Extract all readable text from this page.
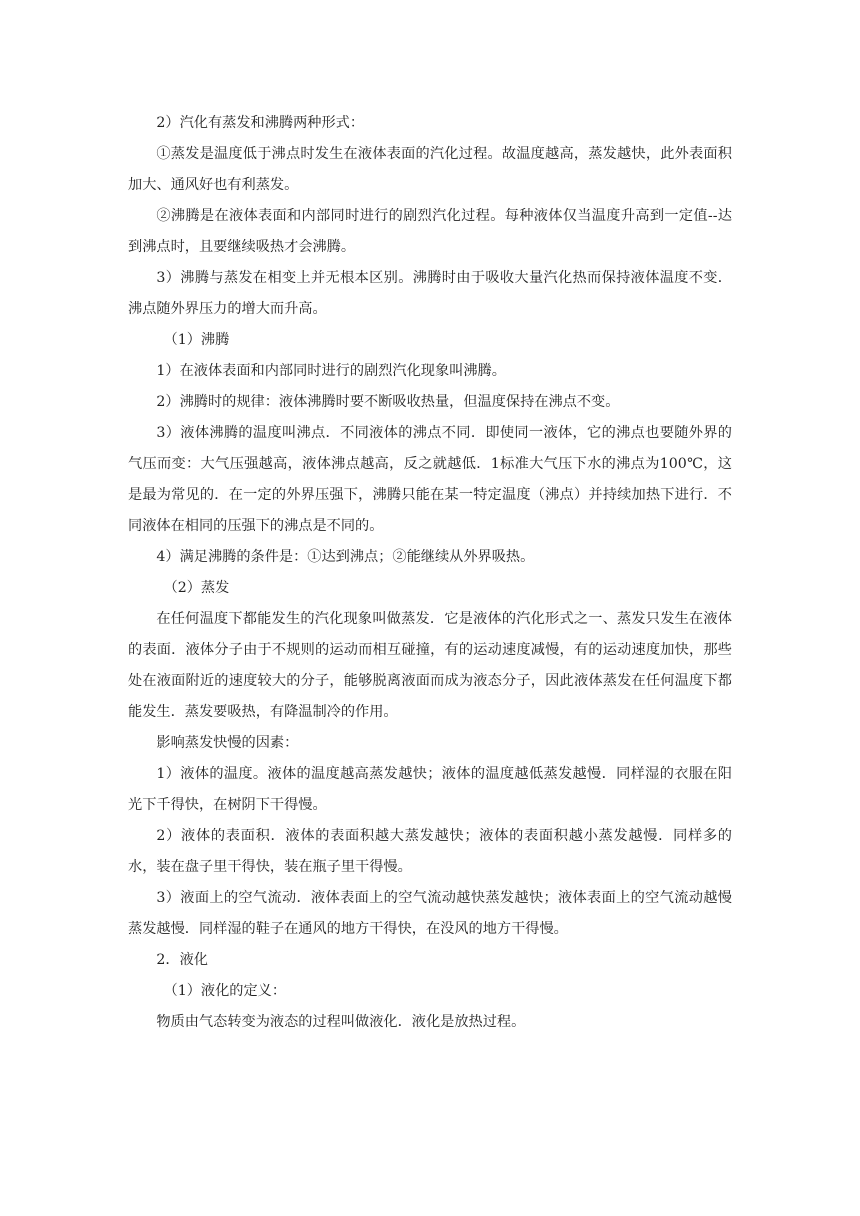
2）汽化有蒸发和沸腾两种形式：

①蒸发是温度低于沸点时发生在液体表面的汽化过程。故温度越高，蒸发越快，此外表面积加大、通风好也有利蒸发。

②沸腾是在液体表面和内部同时进行的剧烈汽化过程。每种液体仅当温度升高到一定值--达到沸点时，且要继续吸热才会沸腾。

3）沸腾与蒸发在相变上并无根本区别。沸腾时由于吸收大量汽化热而保持液体温度不变．沸点随外界压力的增大而升高。

（1）沸腾

1）在液体表面和内部同时进行的剧烈汽化现象叫沸腾。

2）沸腾时的规律：液体沸腾时要不断吸收热量，但温度保持在沸点不变。

3）液体沸腾的温度叫沸点．不同液体的沸点不同．即使同一液体，它的沸点也要随外界的气压而变：大气压强越高，液体沸点越高，反之就越低．1标准大气压下水的沸点为100℃，这是最为常见的．在一定的外界压强下，沸腾只能在某一特定温度（沸点）并持续加热下进行．不同液体在相同的压强下的沸点是不同的。

4）满足沸腾的条件是：①达到沸点；②能继续从外界吸热。

（2）蒸发

在任何温度下都能发生的汽化现象叫做蒸发．它是液体的汽化形式之一、蒸发只发生在液体的表面．液体分子由于不规则的运动而相互碰撞，有的运动速度减慢，有的运动速度加快，那些处在液面附近的速度较大的分子，能够脱离液面而成为液态分子，因此液体蒸发在任何温度下都能发生．蒸发要吸热，有降温制冷的作用。

影响蒸发快慢的因素：

1）液体的温度。液体的温度越高蒸发越快；液体的温度越低蒸发越慢．同样湿的衣服在阳光下千得快，在树阴下干得慢。

2）液体的表面积．液体的表面积越大蒸发越快；液体的表面积越小蒸发越慢．同样多的水，装在盘子里干得快，装在瓶子里干得慢。

3）液面上的空气流动．液体表面上的空气流动越快蒸发越快；液体表面上的空气流动越慢蒸发越慢．同样湿的鞋子在通风的地方干得快，在没风的地方干得慢。

2．液化

（1）液化的定义：

物质由气态转变为液态的过程叫做液化．液化是放热过程。
